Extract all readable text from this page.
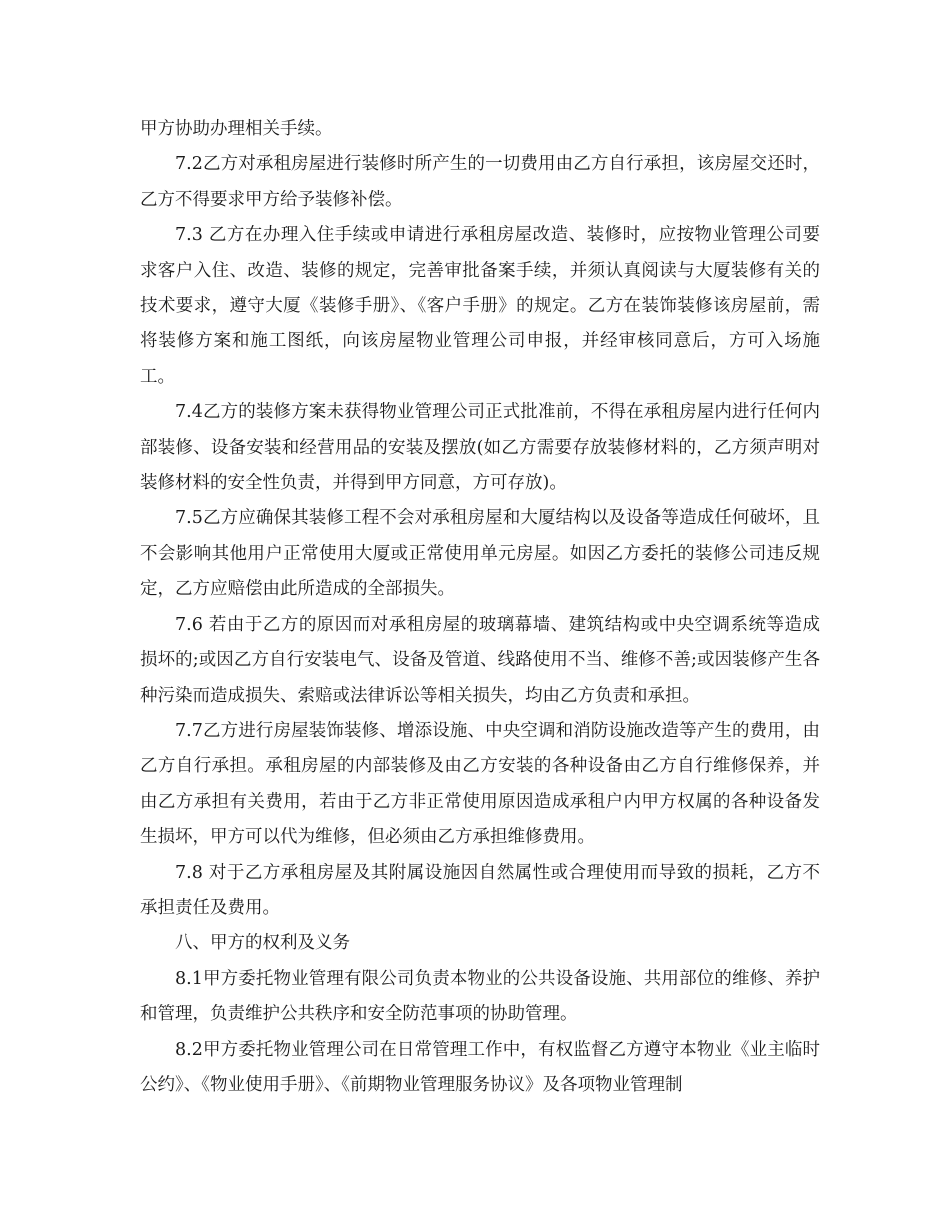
甲方协助办理相关手续。

7.2乙方对承租房屋进行装修时所产生的一切费用由乙方自行承担，该房屋交还时，乙方不得要求甲方给予装修补偿。

7.3 乙方在办理入住手续或申请进行承租房屋改造、装修时，应按物业管理公司要求客户入住、改造、装修的规定，完善审批备案手续，并须认真阅读与大厦装修有关的技术要求，遵守大厦《装修手册》、《客户手册》的规定。乙方在装饰装修该房屋前，需将装修方案和施工图纸，向该房屋物业管理公司申报，并经审核同意后，方可入场施工。

7.4乙方的装修方案未获得物业管理公司正式批准前，不得在承租房屋内进行任何内部装修、设备安装和经营用品的安装及摆放(如乙方需要存放装修材料的，乙方须声明对装修材料的安全性负责，并得到甲方同意，方可存放)。

7.5乙方应确保其装修工程不会对承租房屋和大厦结构以及设备等造成任何破坏，且不会影响其他用户正常使用大厦或正常使用单元房屋。如因乙方委托的装修公司违反规定，乙方应赔偿由此所造成的全部损失。

7.6 若由于乙方的原因而对承租房屋的玻璃幕墙、建筑结构或中央空调系统等造成损坏的;或因乙方自行安装电气、设备及管道、线路使用不当、维修不善;或因装修产生各种污染而造成损失、索赔或法律诉讼等相关损失，均由乙方负责和承担。

7.7乙方进行房屋装饰装修、增添设施、中央空调和消防设施改造等产生的费用，由乙方自行承担。承租房屋的内部装修及由乙方安装的各种设备由乙方自行维修保养，并由乙方承担有关费用，若由于乙方非正常使用原因造成承租户内甲方权属的各种设备发生损坏，甲方可以代为维修，但必须由乙方承担维修费用。

7.8 对于乙方承租房屋及其附属设施因自然属性或合理使用而导致的损耗，乙方不承担责任及费用。

八、甲方的权利及义务

8.1甲方委托物业管理有限公司负责本物业的公共设备设施、共用部位的维修、养护和管理，负责维护公共秩序和安全防范事项的协助管理。

8.2甲方委托物业管理公司在日常管理工作中，有权监督乙方遵守本物业《业主临时公约》、《物业使用手册》、《前期物业管理服务协议》及各项物业管理制
